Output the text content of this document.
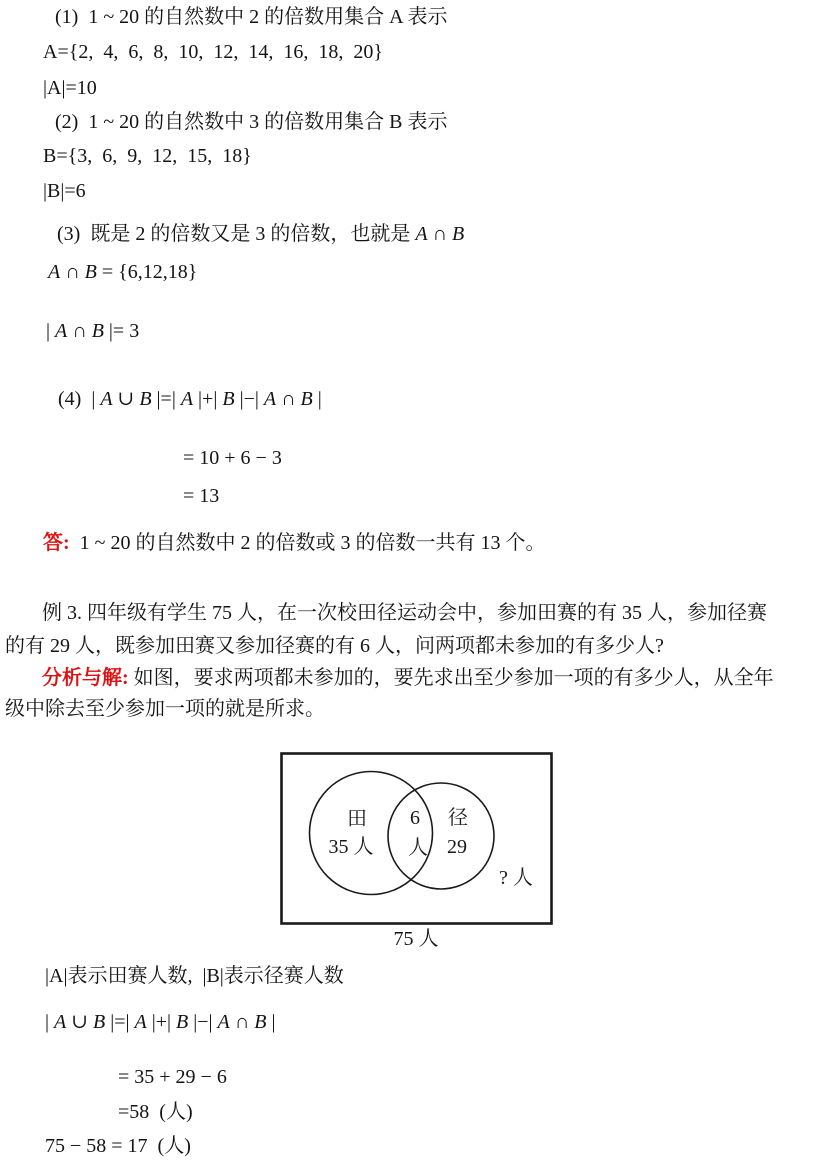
(1)  1 ~ 20 的自然数中 2 的倍数用集合 A 表示
A={2,  4,  6,  8,  10,  12,  14,  16,  18,  20}
|A|=10
(2)  1 ~ 20 的自然数中 3 的倍数用集合 B 表示
B={3,  6,  9,  12,  15,  18}
|B|=6
(3)  既是 2 的倍数又是 3 的倍数，也就是 A ∩ B
A ∩ B = {6,12,18}
| A ∩ B |= 3
(4)  | A ∪ B |=| A |+| B |−| A ∩ B |
= 10 + 6 − 3
= 13
答:  1 ~ 20 的自然数中 2 的倍数或 3 的倍数一共有 13 个。
例 3. 四年级有学生 75 人，在一次校田径运动会中，参加田赛的有 35 人，参加径赛
的有 29 人，既参加田赛又参加径赛的有 6 人，问两项都未参加的有多少人?
分析与解: 如图，要求两项都未参加的，要先求出至少参加一项的有多少人，从全年
级中除去至少参加一项的就是所求。
田
35 人
6
人
径
29
? 人
75 人
|A|表示田赛人数,  |B|表示径赛人数
| A ∪ B |=| A |+| B |−| A ∩ B |
= 35 + 29 − 6
=58  (人)
75 − 58 = 17  (人)
